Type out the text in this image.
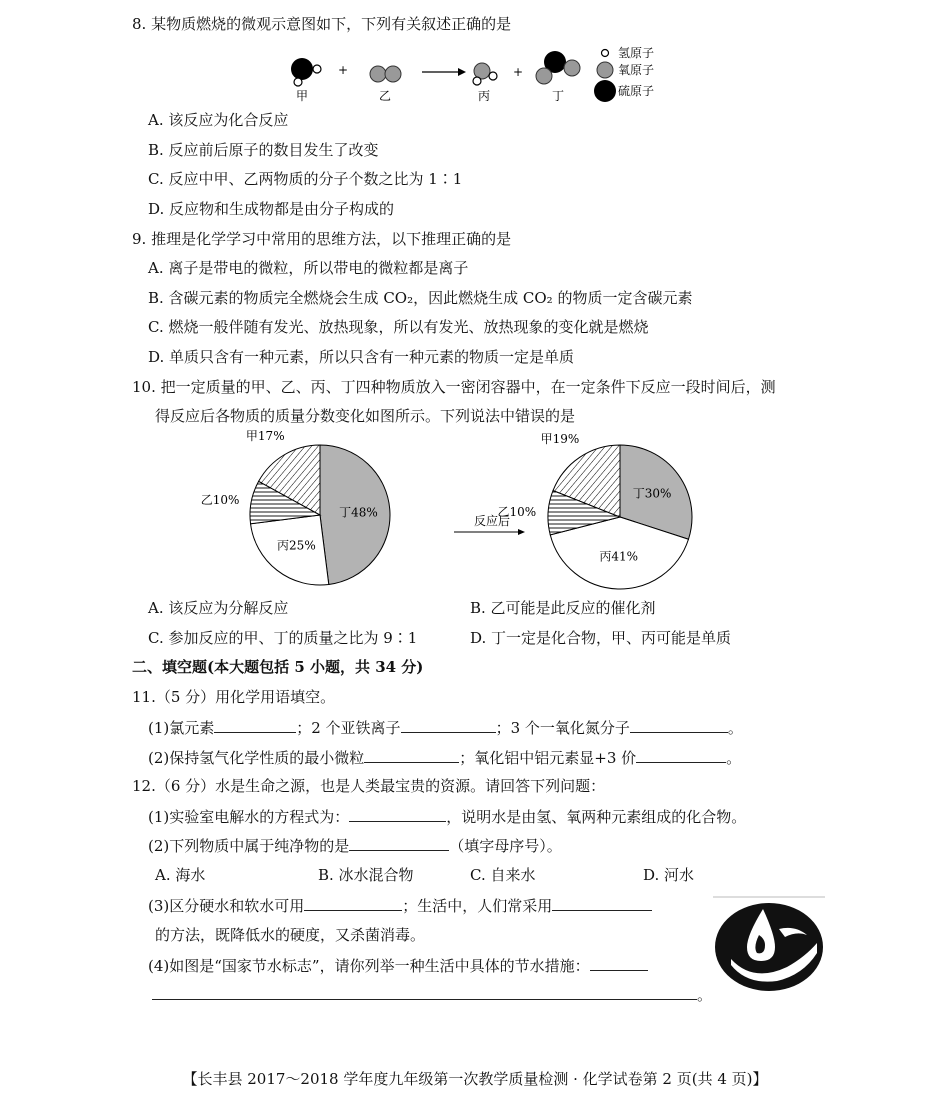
8. 某物质燃烧的微观示意图如下，下列有关叙述正确的是
甲
+
乙	丙
+
丁
氢原子
氧原子
硫原子
A. 该反应为化合反应
B. 反应前后原子的数目发生了改变
C. 反应中甲、乙两物质的分子个数之比为 1∶1
D. 反应物和生成物都是由分子构成的
9. 推理是化学学习中常用的思维方法，以下推理正确的是
A. 离子是带电的微粒，所以带电的微粒都是离子
B. 含碳元素的物质完全燃烧会生成 CO₂，因此燃烧生成 CO₂ 的物质一定含碳元素
C. 燃烧一般伴随有发光、放热现象，所以有发光、放热现象的变化就是燃烧
D. 单质只含有一种元素，所以只含有一种元素的物质一定是单质
10. 把一定质量的甲、乙、丙、丁四种物质放入一密闭容器中，在一定条件下反应一段时间后，测
得反应后各物质的质量分数变化如图所示。下列说法中错误的是
丁48%
丙25%
乙10%
甲17%
丁30%
丙41%
乙10%
甲19%
反应后
A. 该反应为分解反应	B. 乙可能是此反应的催化剂
C. 参加反应的甲、丁的质量之比为 9∶1	D. 丁一定是化合物，甲、丙可能是单质
二、填空题(本大题包括 5 小题，共 34 分)
11.（5 分）用化学用语填空。
(1)氯元素	；2 个亚铁离子	；3 个一氧化氮分子	。
(2)保持氢气化学性质的最小微粒	；氧化铝中铝元素显+3 价	。
12.（6 分）水是生命之源，也是人类最宝贵的资源。请回答下列问题：
(1)实验室电解水的方程式为：	，说明水是由氢、氧两种元素组成的化合物。
(2)下列物质中属于纯净物的是	（填字母序号）。
A. 海水	B. 冰水混合物	C. 自来水	D. 河水
(3)区分硬水和软水可用	；生活中，人们常采用
的方法，既降低水的硬度，又杀菌消毒。
(4)如图是“国家节水标志”，请你列举一种生活中具体的节水措施：
。
【长丰县 2017～2018 学年度九年级第一次教学质量检测 · 化学试卷第 2 页(共 4 页)】
